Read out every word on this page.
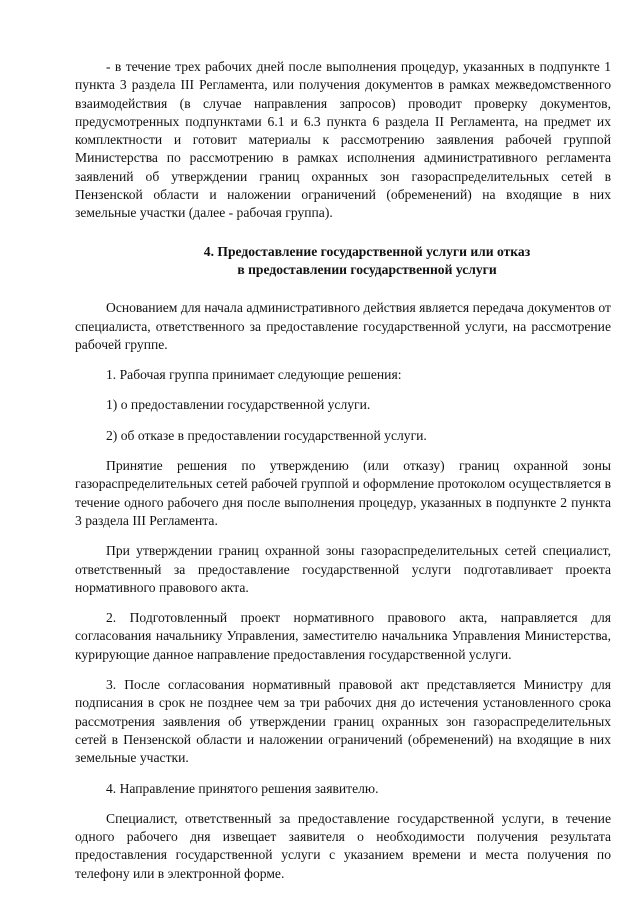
- в течение трех рабочих дней после выполнения процедур, указанных в подпункте 1 пункта 3 раздела III Регламента, или получения документов в рамках межведомственного взаимодействия (в случае направления запросов) проводит проверку документов, предусмотренных подпунктами 6.1 и 6.3 пункта 6 раздела II Регламента, на предмет их комплектности и готовит материалы к рассмотрению заявления рабочей группой Министерства по рассмотрению в рамках исполнения административного регламента заявлений об утверждении границ охранных зон газораспределительных сетей в Пензенской области и наложении ограничений (обременений) на входящие в них земельные участки (далее - рабочая группа).

4. Предоставление государственной услуги или отказ
в предоставлении государственной услуги

Основанием для начала административного действия является передача документов от специалиста, ответственного за предоставление государственной услуги, на рассмотрение рабочей группе.

1. Рабочая группа принимает следующие решения:

1) о предоставлении государственной услуги.

2) об отказе в предоставлении государственной услуги.

Принятие решения по утверждению (или отказу) границ охранной зоны газораспределительных сетей рабочей группой и оформление протоколом осуществляется в течение одного рабочего дня после выполнения процедур, указанных в подпункте 2 пункта 3 раздела III Регламента.

При утверждении границ охранной зоны газораспределительных сетей специалист, ответственный за предоставление государственной услуги подготавливает проекта нормативного правового акта.

2. Подготовленный проект нормативного правового акта, направляется для согласования начальнику Управления, заместителю начальника Управления Министерства, курирующие данное направление предоставления государственной услуги.

3. После согласования нормативный правовой акт представляется Министру для подписания в срок не позднее чем за три рабочих дня до истечения установленного срока рассмотрения заявления об утверждении границ охранных зон газораспределительных сетей в Пензенской области и наложении ограничений (обременений) на входящие в них земельные участки.

4. Направление принятого решения заявителю.

Специалист, ответственный за предоставление государственной услуги, в течение одного рабочего дня извещает заявителя о необходимости получения результата предоставления государственной услуги с указанием времени и места получения по телефону или в электронной форме.
